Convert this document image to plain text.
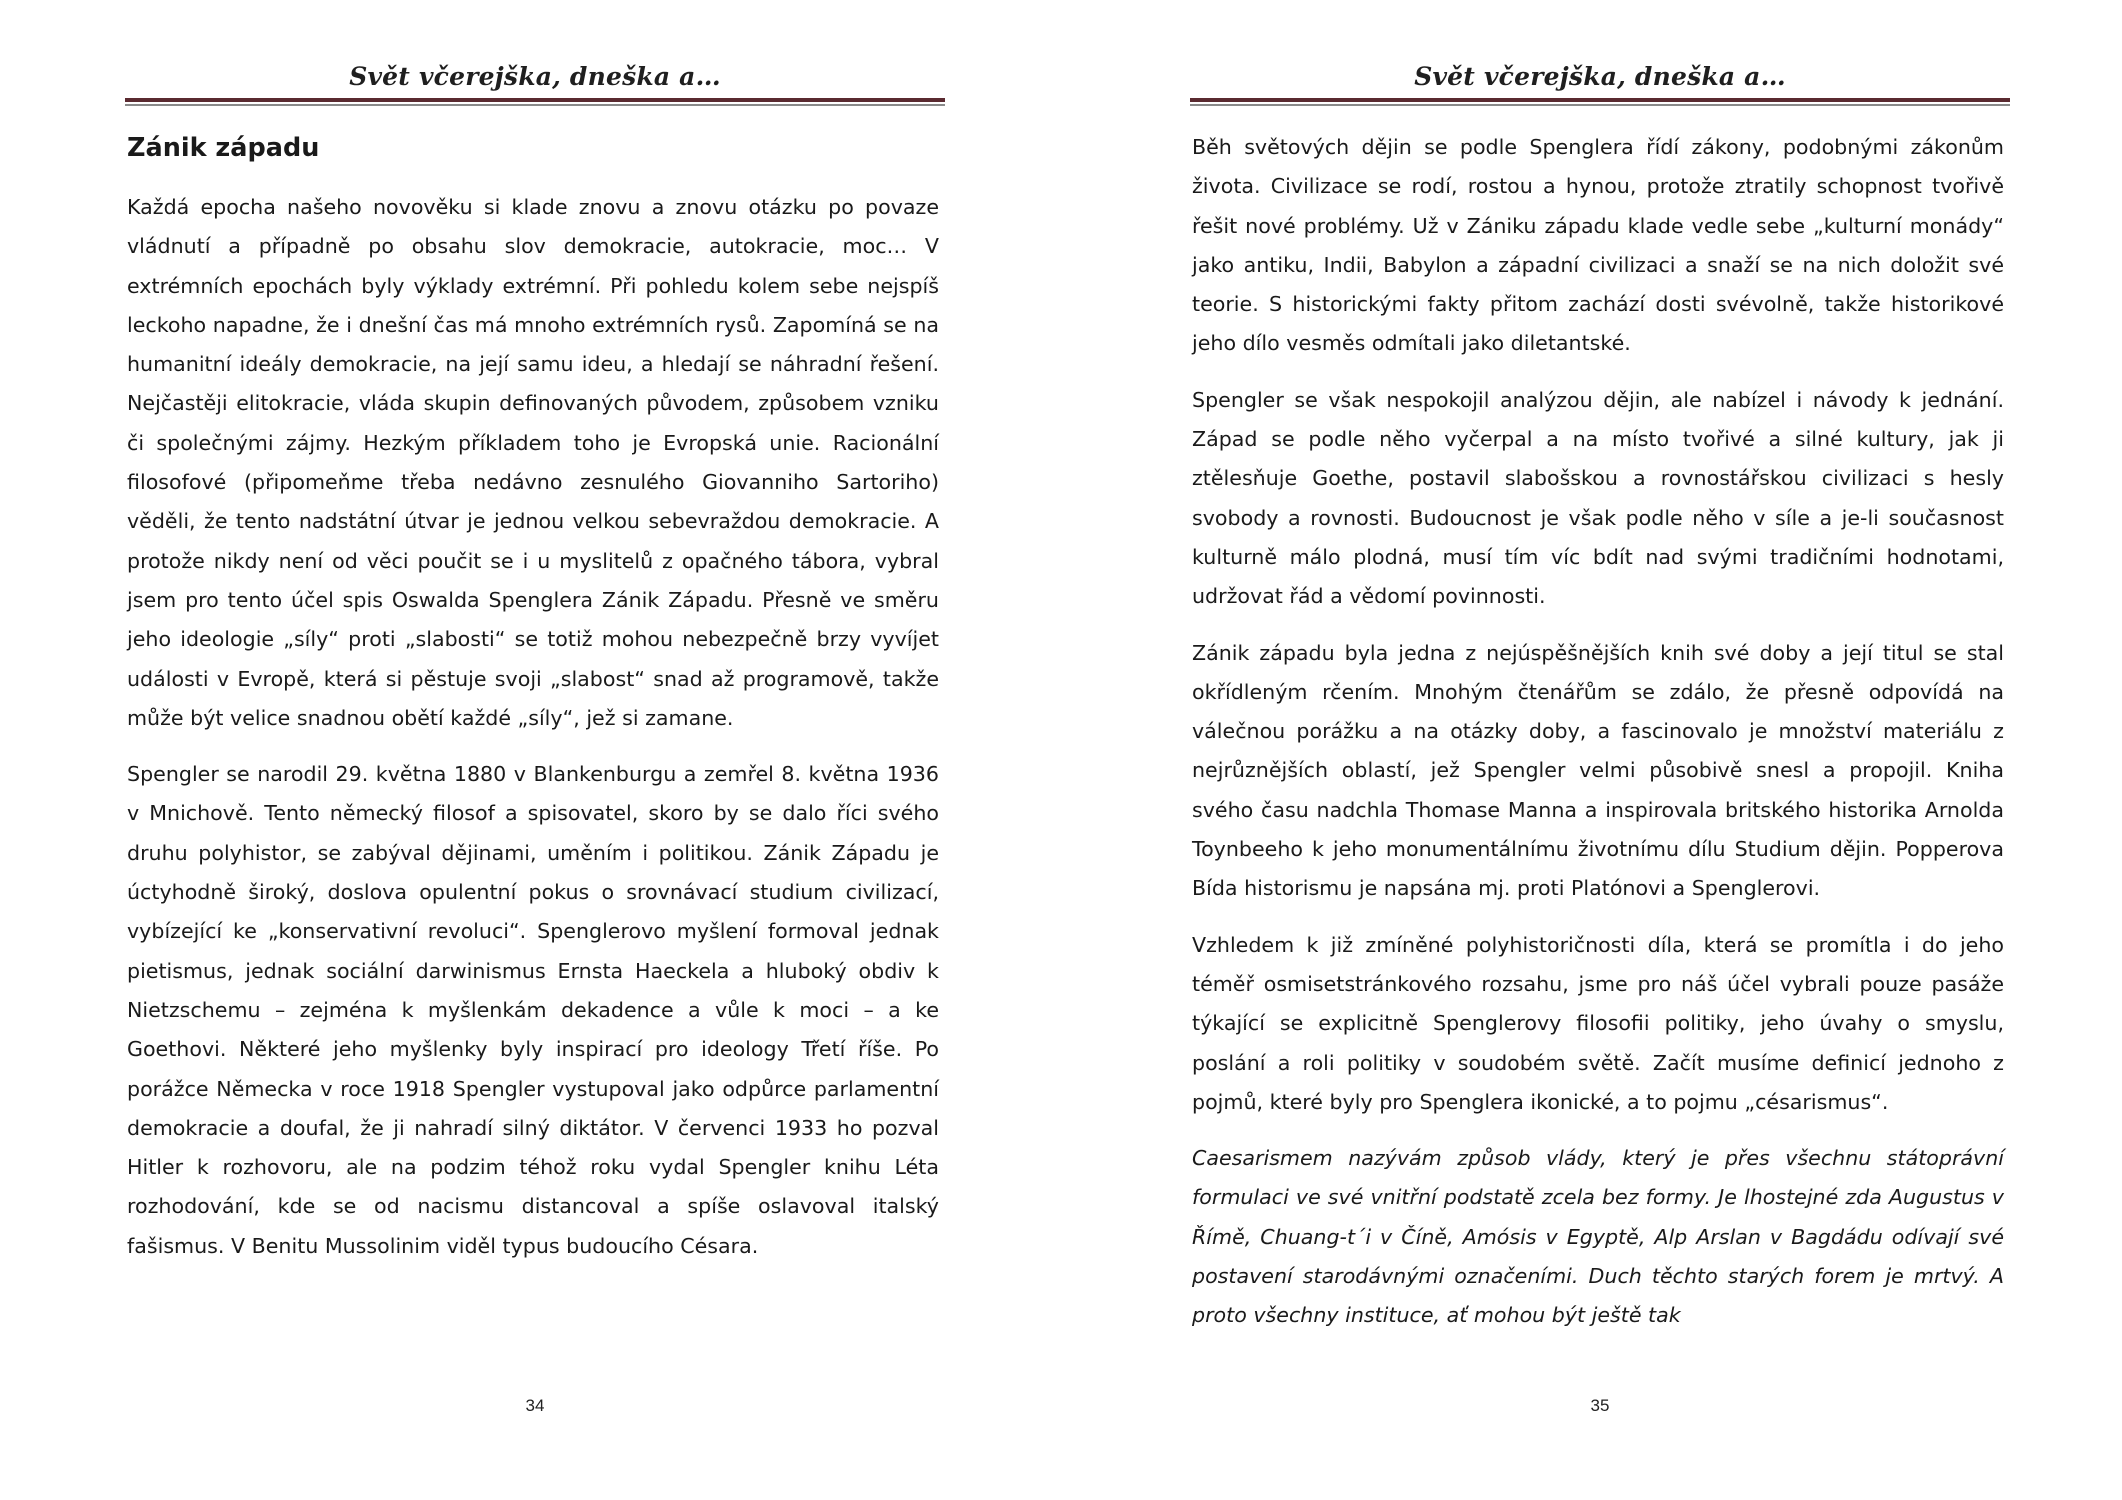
Svět včerejška, dneška a…
Zánik západu

Každá epocha našeho novověku si klade znovu a znovu otázku po povaze vládnutí a případně po obsahu slov demokracie, autokracie, moc… V extrémních epochách byly výklady extrémní. Při pohledu kolem sebe nejspíš leckoho napadne, že i dnešní čas má mnoho extrémních rysů. Zapomíná se na humanitní ideály demokracie, na její samu ideu, a hledají se náhradní řešení. Nejčastěji elitokracie, vláda skupin definovaných původem, způsobem vzniku či společnými zájmy. Hezkým příkladem toho je Evropská unie. Racionální filosofové (připomeňme třeba nedávno zesnulého Giovanniho Sartoriho) věděli, že tento nadstátní útvar je jednou velkou sebevraždou demokracie. A protože nikdy není od věci poučit se i u myslitelů z opačného tábora, vybral jsem pro tento účel spis Oswalda Spenglera Zánik Západu. Přesně ve směru jeho ideologie „síly“ proti „slabosti“ se totiž mohou nebezpečně brzy vyvíjet události v Evropě, která si pěstuje svoji „slabost“ snad až programově, takže může být velice snadnou obětí každé „síly“, jež si zamane.

Spengler se narodil 29. května 1880 v Blankenburgu a zemřel 8. května 1936 v Mnichově. Tento německý filosof a spisovatel, skoro by se dalo říci svého druhu polyhistor, se zabýval dějinami, uměním i politikou. Zánik Západu je úctyhodně široký, doslova opulentní pokus o srovnávací studium civilizací, vybízející ke „konservativní revoluci“. Spenglerovo myšlení formoval jednak pietismus, jednak sociální darwinismus Ernsta Haeckela a hluboký obdiv k Nietzschemu – zejména k myšlenkám dekadence a vůle k moci – a ke Goethovi. Některé jeho myšlenky byly inspirací pro ideology Třetí říše. Po porážce Německa v roce 1918 Spengler vystupoval jako odpůrce parlamentní demokracie a doufal, že ji nahradí silný diktátor. V červenci 1933 ho pozval Hitler k rozhovoru, ale na podzim téhož roku vydal Spengler knihu Léta rozhodování, kde se od nacismu distancoval a spíše oslavoval italský fašismus. V Benitu Mussolinim viděl typus budoucího Césara.

34
Svět včerejška, dneška a…

Běh světových dějin se podle Spenglera řídí zákony, podobnými zákonům života. Civilizace se rodí, rostou a hynou, protože ztratily schopnost tvořivě řešit nové problémy. Už v Zániku západu klade vedle sebe „kulturní monády“ jako antiku, Indii, Babylon a západní civilizaci a snaží se na nich doložit své teorie. S historickými fakty přitom zachází dosti svévolně, takže historikové jeho dílo vesměs odmítali jako diletantské.

Spengler se však nespokojil analýzou dějin, ale nabízel i návody k jednání. Západ se podle něho vyčerpal a na místo tvořivé a silné kultury, jak ji ztělesňuje Goethe, postavil slabošskou a rovnostářskou civilizaci s hesly svobody a rovnosti. Budoucnost je však podle něho v síle a je-li současnost kulturně málo plodná, musí tím víc bdít nad svými tradičními hodnotami, udržovat řád a vědomí povinnosti.

Zánik západu byla jedna z nejúspěšnějších knih své doby a její titul se stal okřídleným rčením. Mnohým čtenářům se zdálo, že přesně odpovídá na válečnou porážku a na otázky doby, a fascinovalo je množství materiálu z nejrůznějších oblastí, jež Spengler velmi působivě snesl a propojil. Kniha svého času nadchla Thomase Manna a inspirovala britského historika Arnolda Toynbeeho k jeho monumentálnímu životnímu dílu Studium dějin. Popperova Bída historismu je napsána mj. proti Platónovi a Spenglerovi.

Vzhledem k již zmíněné polyhistoričnosti díla, která se promítla i do jeho téměř osmisetstránkového rozsahu, jsme pro náš účel vybrali pouze pasáže týkající se explicitně Spenglerovy filosofii politiky, jeho úvahy o smyslu, poslání a roli politiky v soudobém světě. Začít musíme definicí jednoho z pojmů, které byly pro Spenglera ikonické, a to pojmu „césarismus“.

Caesarismem nazývám způsob vlády, který je přes všechnu státoprávní formulaci ve své vnitřní podstatě zcela bez formy. Je lhostejné zda Augustus v Římě, Chuang-t´i v Číně, Amósis v Egyptě, Alp Arslan v Bagdádu odívají své postavení starodávnými označeními. Duch těchto starých forem je mrtvý. A proto všechny instituce, ať mohou být ještě tak

35
